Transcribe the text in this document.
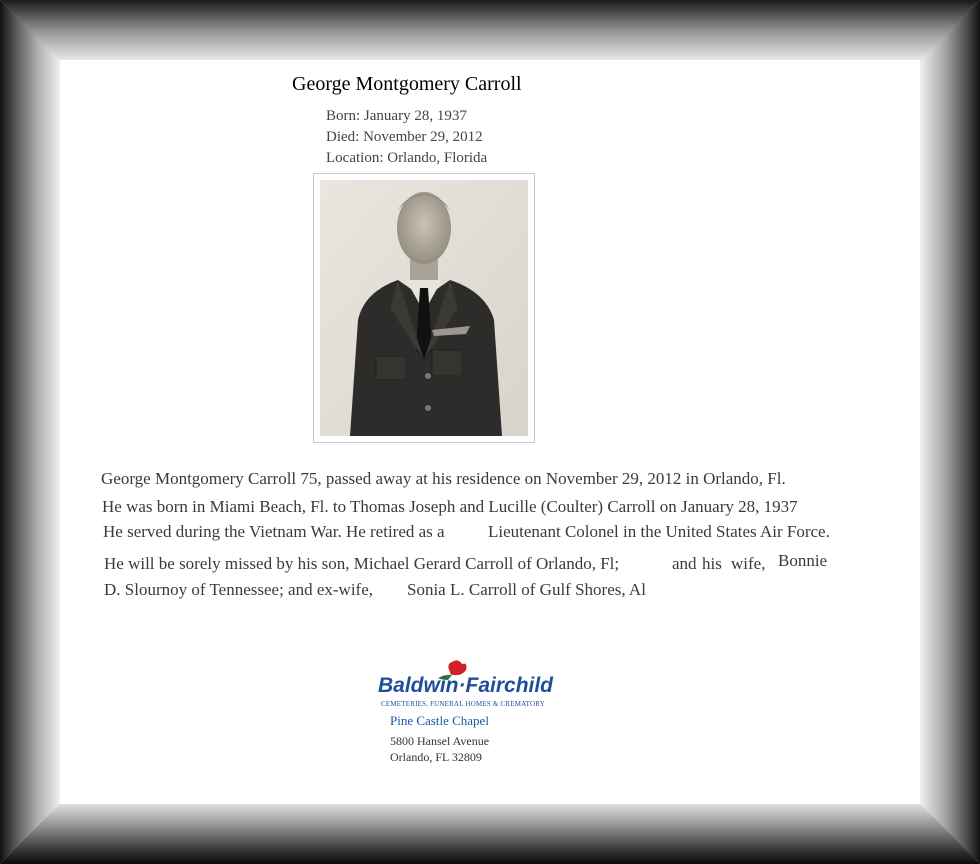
George Montgomery Carroll
Born: January 28, 1937
Died: November 29, 2012
Location: Orlando, Florida
George Montgomery Carroll 75, passed away at his residence on November 29, 2012 in Orlando, Fl.
He was born in Miami Beach, Fl. to Thomas Joseph and Lucille (Coulter) Carroll on January 28, 1937
He served during the Vietnam War. He retired as a	Lieutenant Colonel in the United States Air Force.
He will be sorely missed by his son, Michael Gerard Carroll of Orlando, Fl;	and his wife, Bonnie
D. Slournoy of Tennessee; and ex-wife, Sonia L. Carroll of Gulf Shores, Al
Baldwin·Fairchild
CEMETERIES, FUNERAL HOMES & CREMATORY
Pine Castle Chapel
5800 Hansel Avenue
Orlando, FL 32809
